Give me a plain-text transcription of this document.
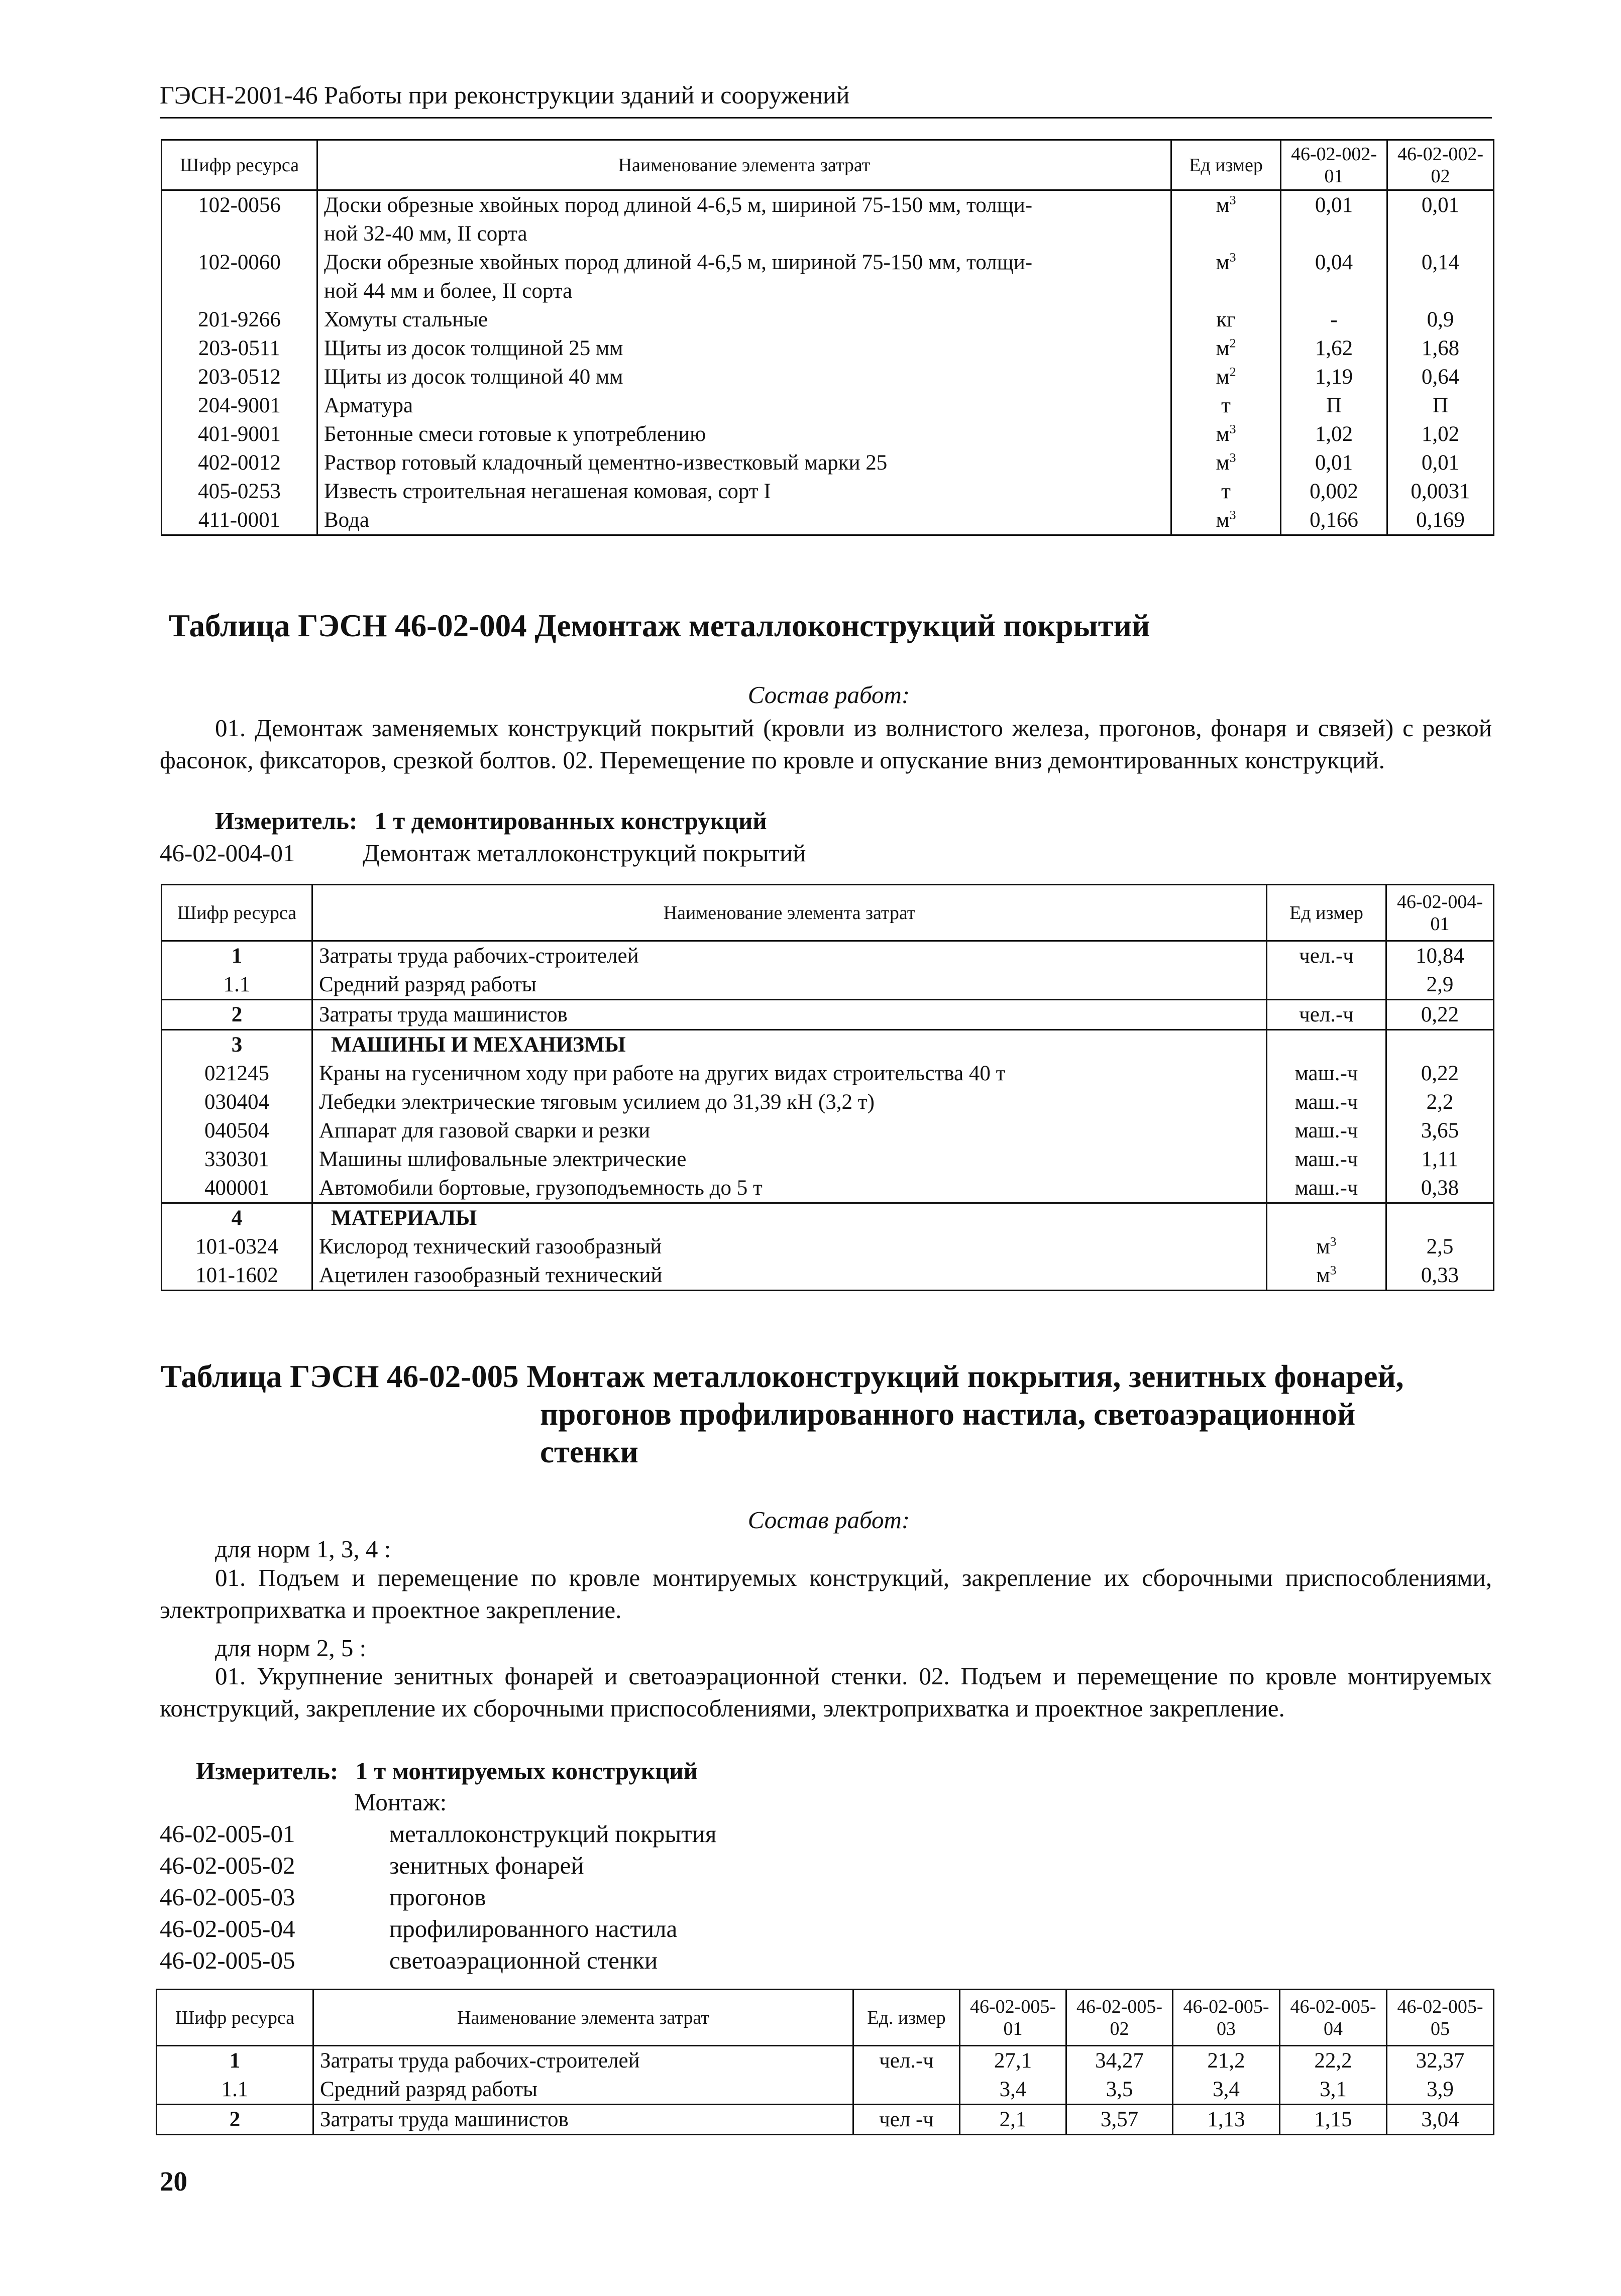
ГЭСН-2001-46 Работы при реконструкции зданий и сооружений
Шифр ресурса	Наименование элемента затрат	Ед измер	46-02-002-01	46-02-002-02
102-0056	Доски обрезные хвойных пород длиной 4-6,5 м, шириной 75-150 мм, толщи-
ной 32-40 мм, II сорта	$м^3$	0,01	0,01
102-0060	Доски обрезные хвойных пород длиной 4-6,5 м, шириной 75-150 мм, толщи-
ной 44 мм и более, II сорта	$м^3$	0,04	0,14
201-9266	Хомуты стальные	кг	-	0,9
203-0511	Щиты из досок толщиной 25 мм	$м^2$	1,62	1,68
203-0512	Щиты из досок толщиной 40 мм	$м^2$	1,19	0,64
204-9001	Арматура	т	П	П
401-9001	Бетонные смеси готовые к употреблению	$м^3$	1,02	1,02
402-0012	Раствор готовый кладочный цементно-известковый марки 25	$м^3$	0,01	0,01
405-0253	Известь строительная негашеная комовая, сорт I	т	0,002	0,0031
411-0001	Вода	$м^3$	0,166	0,169
Таблица ГЭСН 46-02-004 Демонтаж металлоконструкций покрытий
Состав работ:
01. Демонтаж заменяемых конструкций покрытий (кровли из волнистого железа, прогонов, фонаря и связей) с резкой фасонок, фиксаторов, срезкой болтов. 02. Перемещение по кровле и опускание вниз демонтированных конструкций.
Измеритель: 1 т демонтированных конструкций
46-02-004-01	Демонтаж металлоконструкций покрытий
Шифр ресурса	Наименование элемента затрат	Ед измер	46-02-004-01
1	Затраты труда рабочих-строителей	чел.-ч	10,84
1.1	Средний разряд работы		2,9
2	Затраты труда машинистов	чел.-ч	0,22
3	МАШИНЫ И МЕХАНИЗМЫ		
021245	Краны на гусеничном ходу при работе на других видах строительства 40 т	маш.-ч	0,22
030404	Лебедки электрические тяговым усилием до 31,39 кН (3,2 т)	маш.-ч	2,2
040504	Аппарат для газовой сварки и резки	маш.-ч	3,65
330301	Машины шлифовальные электрические	маш.-ч	1,11
400001	Автомобили бортовые, грузоподъемность до 5 т	маш.-ч	0,38
4	МАТЕРИАЛЫ		
101-0324	Кислород технический газообразный	$м^3$	2,5
101-1602	Ацетилен газообразный технический	$м^3$	0,33
Таблица ГЭСН 46-02-005 Монтаж металлоконструкций покрытия, зенитных фонарей,
прогонов профилированного настила, светоаэрационной
стенки
Состав работ:
для норм 1, 3, 4 :
01. Подъем и перемещение по кровле монтируемых конструкций, закрепление их сборочными приспособлениями, электроприхватка и проектное закрепление.
для норм 2, 5 :
01. Укрупнение зенитных фонарей и светоаэрационной стенки. 02. Подъем и перемещение по кровле монтируемых конструкций, закрепление их сборочными приспособлениями, электроприхватка и проектное закрепление.
Измеритель: 1 т монтируемых конструкций
Монтаж:
46-02-005-01	металлоконструкций покрытия
46-02-005-02	зенитных фонарей
46-02-005-03	прогонов
46-02-005-04	профилированного настила
46-02-005-05	светоаэрационной стенки
Шифр ресурса	Наименование элемента затрат	Ед. измер	46-02-005-01	46-02-005-02	46-02-005-03	46-02-005-04	46-02-005-05
1	Затраты труда рабочих-строителей	чел.-ч	27,1	34,27	21,2	22,2	32,37
1.1	Средний разряд работы		3,4	3,5	3,4	3,1	3,9
2	Затраты труда машинистов	чел -ч	2,1	3,57	1,13	1,15	3,04
20
